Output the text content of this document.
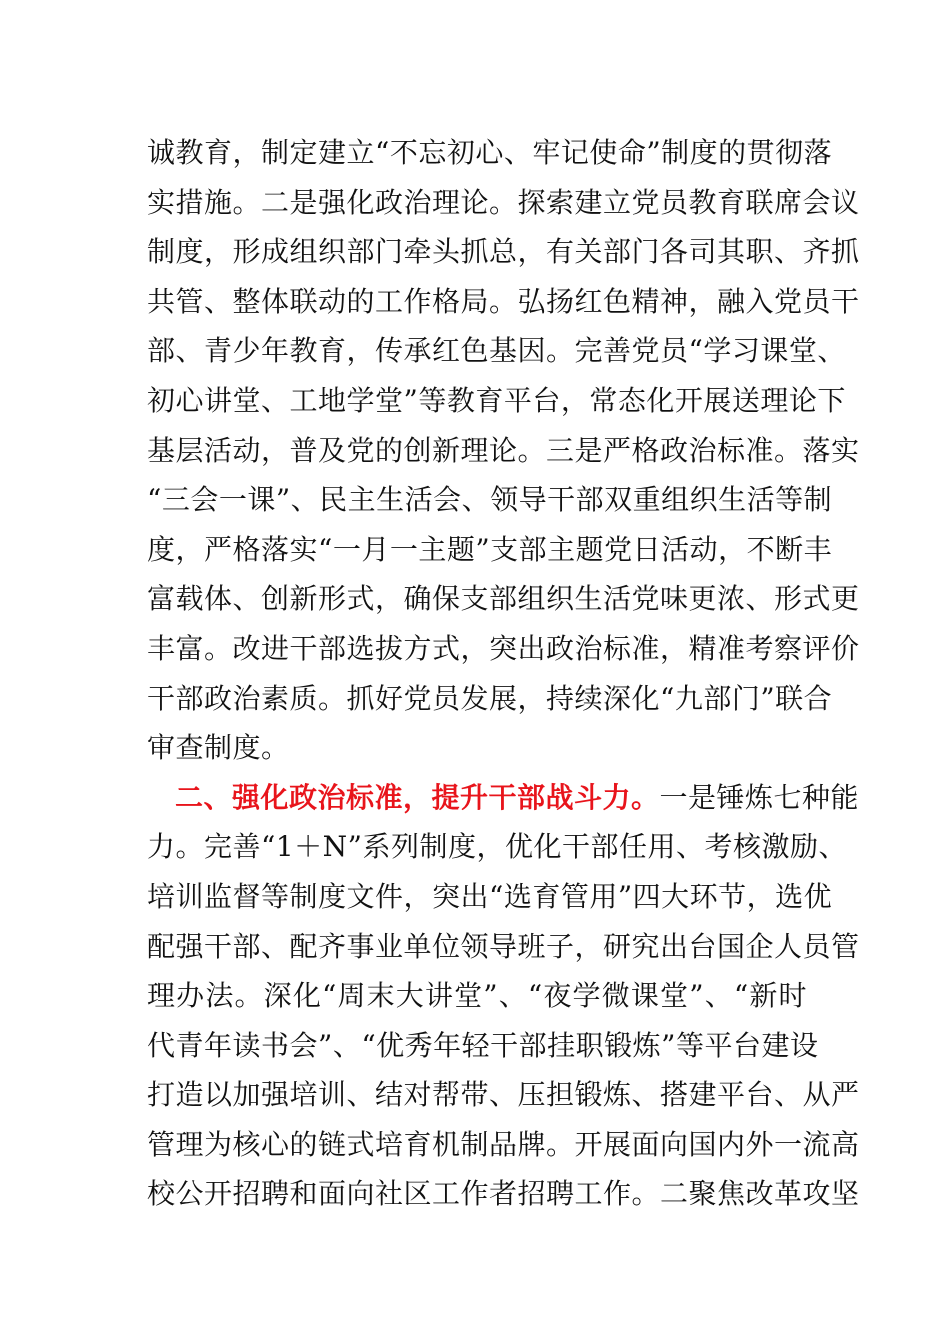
诚教育，制定建立“不忘初心、牢记使命”制度的贯彻落
实措施。二是强化政治理论。探索建立党员教育联席会议
制度，形成组织部门牵头抓总，有关部门各司其职、齐抓
共管、整体联动的工作格局。弘扬红色精神，融入党员干
部、青少年教育，传承红色基因。完善党员“学习课堂、
初心讲堂、工地学堂”等教育平台，常态化开展送理论下
基层活动，普及党的创新理论。三是严格政治标准。落实
“三会一课”、民主生活会、领导干部双重组织生活等制
度，严格落实“一月一主题”支部主题党日活动，不断丰
富载体、创新形式，确保支部组织生活党味更浓、形式更
丰富。改进干部选拔方式，突出政治标准，精准考察评价
干部政治素质。抓好党员发展，持续深化“九部门”联合
审查制度。
二、强化政治标准，提升干部战斗力。一是锤炼七种能
力。完善“1＋N”系列制度，优化干部任用、考核激励、
培训监督等制度文件，突出“选育管用”四大环节，选优
配强干部、配齐事业单位领导班子，研究出台国企人员管
理办法。深化“周末大讲堂”、“夜学微课堂”、“新时
代青年读书会”、“优秀年轻干部挂职锻炼”等平台建设
打造以加强培训、结对帮带、压担锻炼、搭建平台、从严
管理为核心的链式培育机制品牌。开展面向国内外一流高
校公开招聘和面向社区工作者招聘工作。二聚焦改革攻坚
